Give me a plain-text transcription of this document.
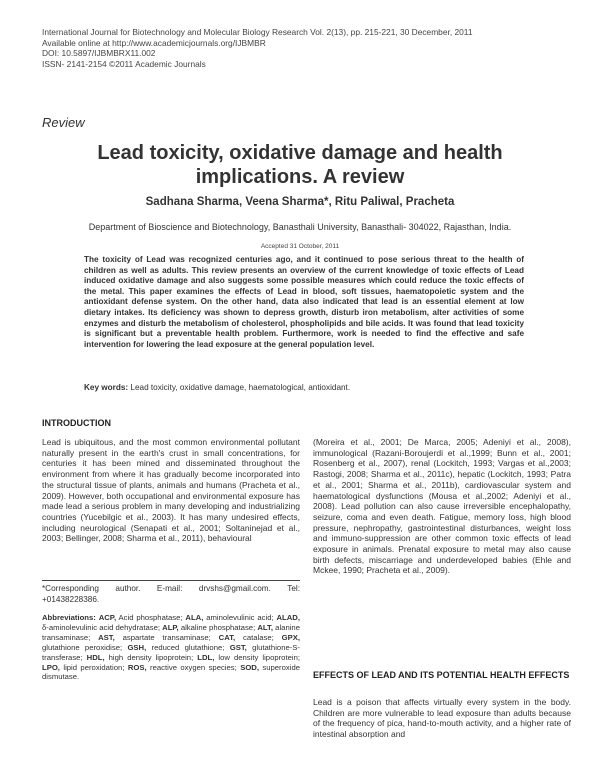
International Journal for Biotechnology and Molecular Biology Research Vol. 2(13), pp. 215-221, 30 December, 2011
Available online at http://www.academicjournals.org/IJBMBR
DOI: 10.5897/IJBMBRX11.002
ISSN- 2141-2154 ©2011 Academic Journals
Review
Lead toxicity, oxidative damage and health
implications. A review
Sadhana Sharma, Veena Sharma*, Ritu Paliwal, Pracheta
Department of Bioscience and Biotechnology, Banasthali University, Banasthali- 304022, Rajasthan, India.
Accepted 31 October, 2011
The toxicity of Lead was recognized centuries ago, and it continued to pose serious threat to the health of children as well as adults. This review presents an overview of the current knowledge of toxic effects of Lead induced oxidative damage and also suggests some possible measures which could reduce the toxic effects of the metal. This paper examines the effects of Lead in blood, soft tissues, haematopoietic system and the antioxidant defense system. On the other hand, data also indicated that lead is an essential element at low dietary intakes. Its deficiency was shown to depress growth, disturb iron metabolism, alter activities of some enzymes and disturb the metabolism of cholesterol, phospholipids and bile acids. It was found that lead toxicity is significant but a preventable health problem. Furthermore, work is needed to find the effective and safe intervention for lowering the lead exposure at the general population level.
Key words: Lead toxicity, oxidative damage, haematological, antioxidant.
INTRODUCTION
Lead is ubiquitous, and the most common environmental pollutant naturally present in the earth's crust in small concentrations, for centuries it has been mined and disseminated throughout the environment from where it has gradually become incorporated into the structural tissue of plants, animals and humans (Pracheta et al., 2009). However, both occupational and environmental exposure has made lead a serious problem in many developing and industrializing countries (Yucebilgic et al., 2003). It has many undesired effects, including neurological (Senapati et al., 2001; Soltaninejad et al., 2003; Bellinger, 2008; Sharma et al., 2011), behavioural
*Corresponding author. E-mail: drvshs@gmail.com. Tel: +01438228386.
Abbreviations: ACP, Acid phosphatase; ALA, aminolevulinic acid; ALAD, δ-aminolevulinic acid dehydratase; ALP, alkaline phosphatase; ALT, alanine transaminase; AST, aspartate transaminase; CAT, catalase; GPX, glutathione peroxidise; GSH, reduced glutathione; GST, glutathione-S-transferase; HDL, high density lipoprotein; LDL, low density lipoprotein; LPO, lipid peroxidation; ROS, reactive oxygen species; SOD, superoxide dismutase.
(Moreira et al., 2001; De Marca, 2005; Adeniyi et al., 2008), immunological (Razani-Boroujerdi et al.,1999; Bunn et al., 2001; Rosenberg et al., 2007), renal (Lockitch, 1993; Vargas et al.,2003; Rastogi, 2008; Sharma et al., 2011c), hepatic (Lockitch, 1993; Patra et al., 2001; Sharma et al., 2011b), cardiovascular system and haematological dysfunctions (Mousa et al.,2002; Adeniyi et al., 2008). Lead pollution can also cause irreversible encephalopathy, seizure, coma and even death. Fatigue, memory loss, high blood pressure, nephropathy, gastrointestinal disturbances, weight loss and immuno-suppression are other common toxic effects of lead exposure in animals. Prenatal exposure to metal may also cause birth defects, miscarriage and underdeveloped babies (Ehle and Mckee, 1990; Pracheta et al., 2009).
EFFECTS OF LEAD AND ITS POTENTIAL HEALTH EFFECTS
Lead is a poison that affects virtually every system in the body. Children are more vulnerable to lead exposure than adults because of the frequency of pica, hand-to-mouth activity, and a higher rate of intestinal absorption and
